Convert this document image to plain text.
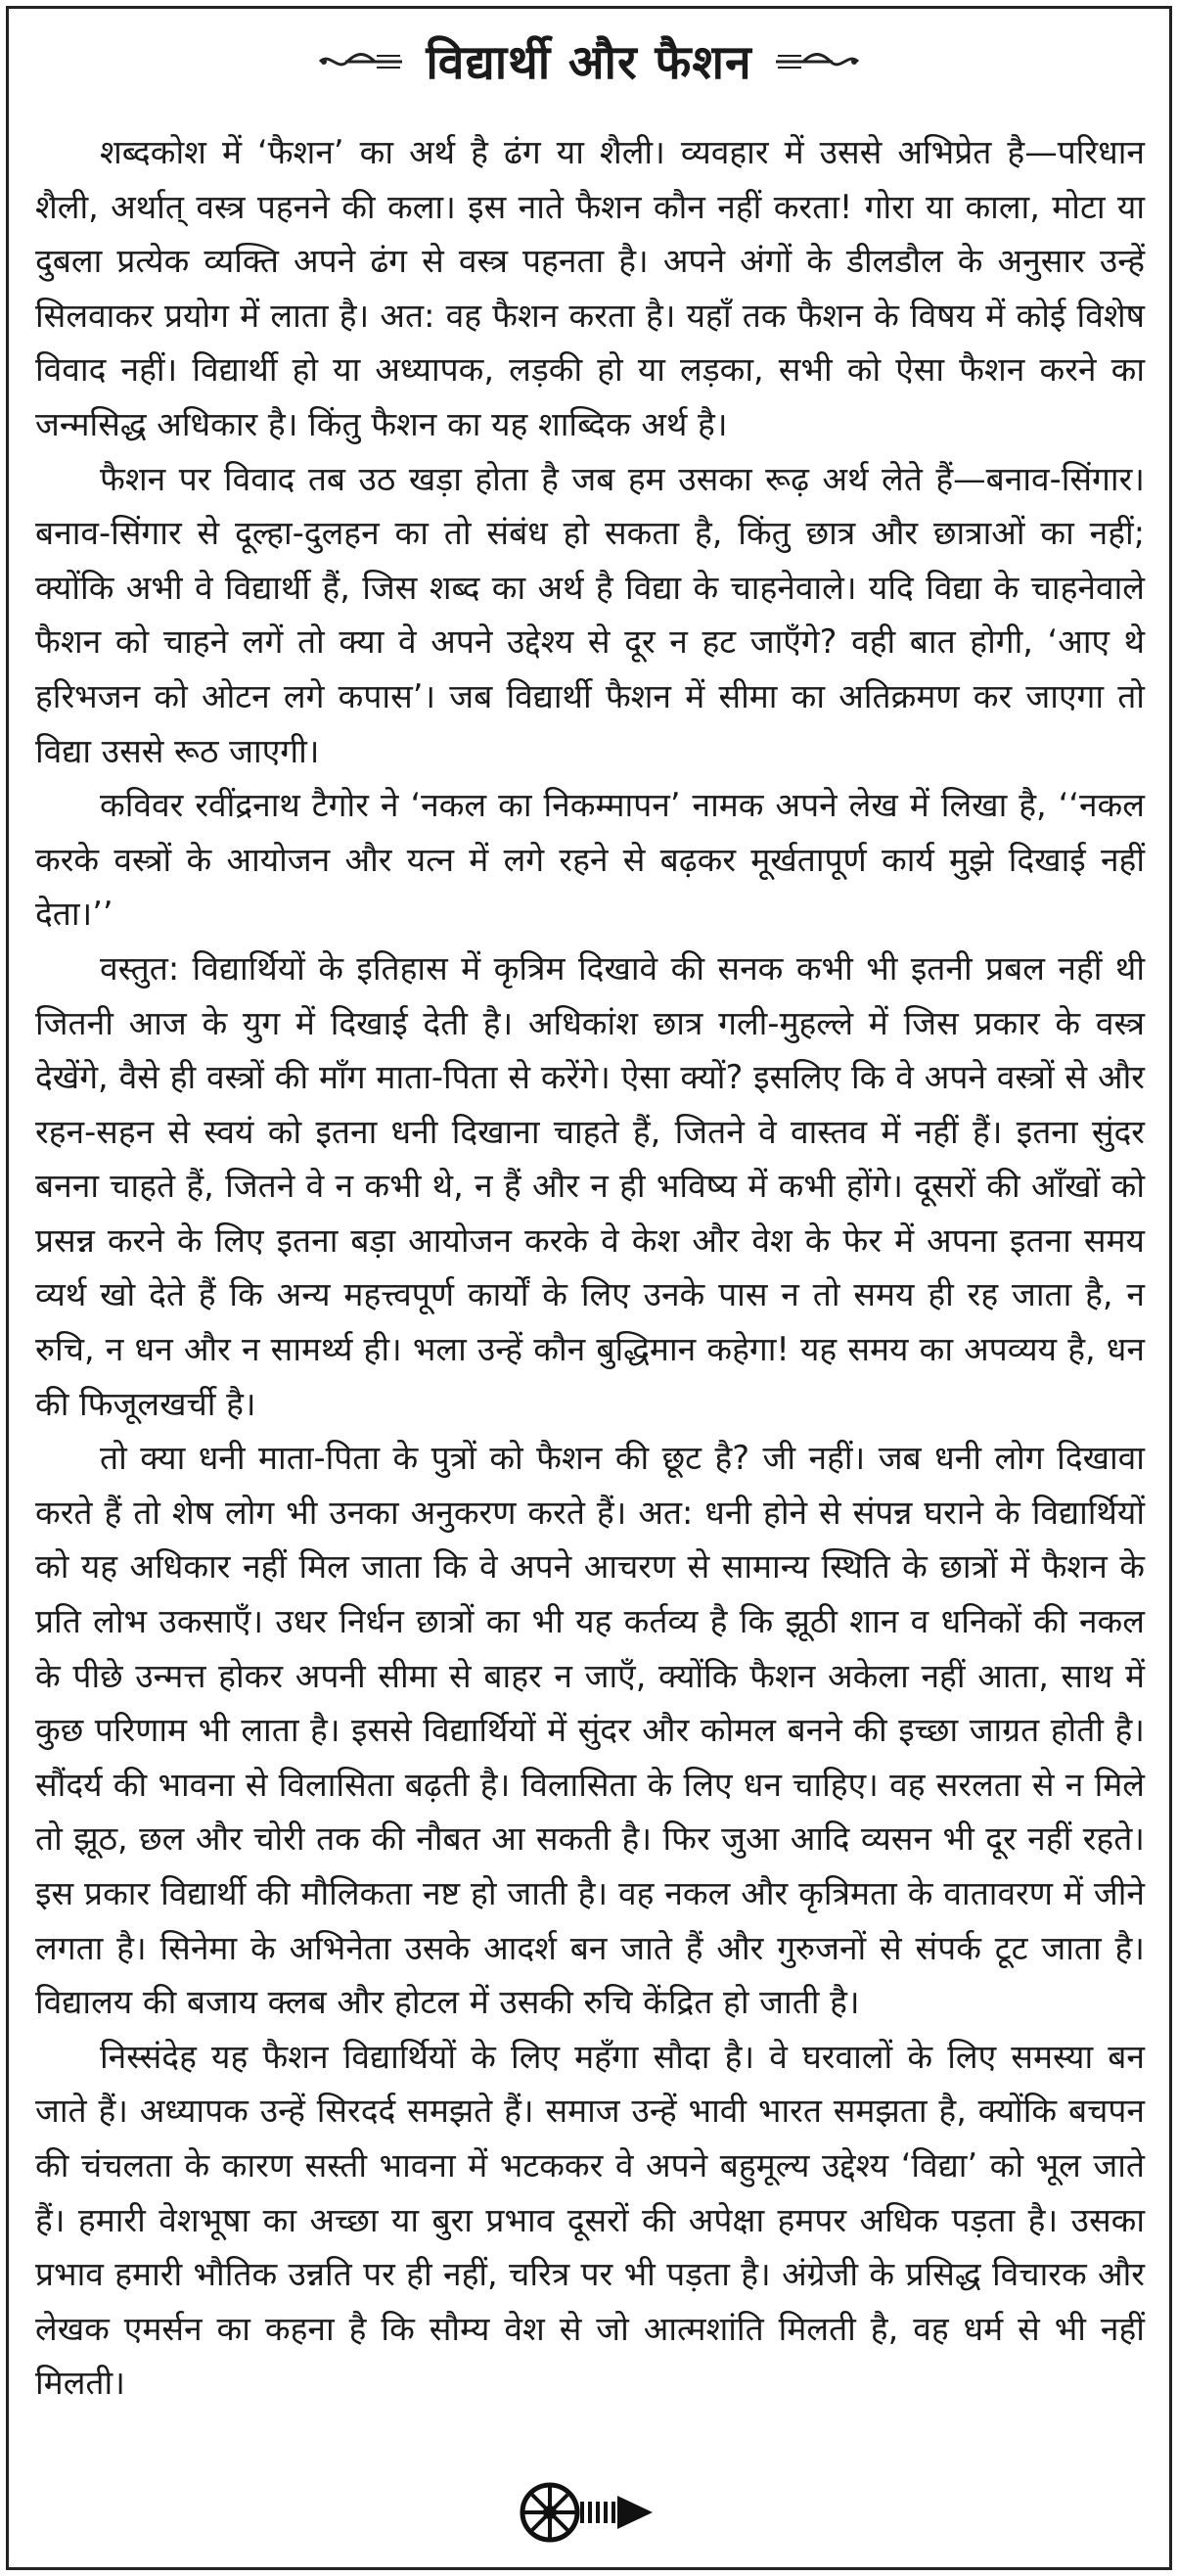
विद्यार्थी और फैशन

शब्दकोश में ‘फैशन’ का अर्थ है ढंग या शैली। व्यवहार में उससे अभिप्रेत है—परिधान शैली, अर्थात् वस्त्र पहनने की कला। इस नाते फैशन कौन नहीं करता! गोरा या काला, मोटा या दुबला प्रत्येक व्यक्ति अपने ढंग से वस्त्र पहनता है। अपने अंगों के डीलडौल के अनुसार उन्हें सिलवाकर प्रयोग में लाता है। अत: वह फैशन करता है। यहाँ तक फैशन के विषय में कोई विशेष विवाद नहीं। विद्यार्थी हो या अध्यापक, लड़की हो या लड़का, सभी को ऐसा फैशन करने का जन्मसिद्ध अधिकार है। किंतु फैशन का यह शाब्दिक अर्थ है।

फैशन पर विवाद तब उठ खड़ा होता है जब हम उसका रूढ़ अर्थ लेते हैं—बनाव-सिंगार। बनाव-सिंगार से दूल्हा-दुलहन का तो संबंध हो सकता है, किंतु छात्र और छात्राओं का नहीं; क्योंकि अभी वे विद्यार्थी हैं, जिस शब्द का अर्थ है विद्या के चाहनेवाले। यदि विद्या के चाहनेवाले फैशन को चाहने लगें तो क्या वे अपने उद्देश्य से दूर न हट जाएँगे? वही बात होगी, ‘आए थे हरिभजन को ओटन लगे कपास’। जब विद्यार्थी फैशन में सीमा का अतिक्रमण कर जाएगा तो विद्या उससे रूठ जाएगी।

कविवर रवींद्रनाथ टैगोर ने ‘नकल का निकम्मापन’ नामक अपने लेख में लिखा है, ‘‘नकल करके वस्त्रों के आयोजन और यत्न में लगे रहने से बढ़कर मूर्खतापूर्ण कार्य मुझे दिखाई नहीं देता।’’

वस्तुत: विद्यार्थियों के इतिहास में कृत्रिम दिखावे की सनक कभी भी इतनी प्रबल नहीं थी जितनी आज के युग में दिखाई देती है। अधिकांश छात्र गली-मुहल्ले में जिस प्रकार के वस्त्र देखेंगे, वैसे ही वस्त्रों की माँग माता-पिता से करेंगे। ऐसा क्यों? इसलिए कि वे अपने वस्त्रों से और रहन-सहन से स्वयं को इतना धनी दिखाना चाहते हैं, जितने वे वास्तव में नहीं हैं। इतना सुंदर बनना चाहते हैं, जितने वे न कभी थे, न हैं और न ही भविष्य में कभी होंगे। दूसरों की आँखों को प्रसन्न करने के लिए इतना बड़ा आयोजन करके वे केश और वेश के फेर में अपना इतना समय व्यर्थ खो देते हैं कि अन्य महत्त्वपूर्ण कार्यों के लिए उनके पास न तो समय ही रह जाता है, न रुचि, न धन और न सामर्थ्य ही। भला उन्हें कौन बुद्धिमान कहेगा! यह समय का अपव्यय है, धन की फिजूलखर्ची है।

तो क्या धनी माता-पिता के पुत्रों को फैशन की छूट है? जी नहीं। जब धनी लोग दिखावा करते हैं तो शेष लोग भी उनका अनुकरण करते हैं। अत: धनी होने से संपन्न घराने के विद्यार्थियों को यह अधिकार नहीं मिल जाता कि वे अपने आचरण से सामान्य स्थिति के छात्रों में फैशन के प्रति लोभ उकसाएँ। उधर निर्धन छात्रों का भी यह कर्तव्य है कि झूठी शान व धनिकों की नकल के पीछे उन्मत्त होकर अपनी सीमा से बाहर न जाएँ, क्योंकि फैशन अकेला नहीं आता, साथ में कुछ परिणाम भी लाता है। इससे विद्यार्थियों में सुंदर और कोमल बनने की इच्छा जाग्रत होती है। सौंदर्य की भावना से विलासिता बढ़ती है। विलासिता के लिए धन चाहिए। वह सरलता से न मिले तो झूठ, छल और चोरी तक की नौबत आ सकती है। फिर जुआ आदि व्यसन भी दूर नहीं रहते। इस प्रकार विद्यार्थी की मौलिकता नष्ट हो जाती है। वह नकल और कृत्रिमता के वातावरण में जीने लगता है। सिनेमा के अभिनेता उसके आदर्श बन जाते हैं और गुरुजनों से संपर्क टूट जाता है। विद्यालय की बजाय क्लब और होटल में उसकी रुचि केंद्रित हो जाती है।

निस्संदेह यह फैशन विद्यार्थियों के लिए महँगा सौदा है। वे घरवालों के लिए समस्या बन जाते हैं। अध्यापक उन्हें सिरदर्द समझते हैं। समाज उन्हें भावी भारत समझता है, क्योंकि बचपन की चंचलता के कारण सस्ती भावना में भटककर वे अपने बहुमूल्य उद्देश्य ‘विद्या’ को भूल जाते हैं। हमारी वेशभूषा का अच्छा या बुरा प्रभाव दूसरों की अपेक्षा हमपर अधिक पड़ता है। उसका प्रभाव हमारी भौतिक उन्नति पर ही नहीं, चरित्र पर भी पड़ता है। अंग्रेजी के प्रसिद्ध विचारक और लेखक एमर्सन का कहना है कि सौम्य वेश से जो आत्मशांति मिलती है, वह धर्म से भी नहीं मिलती।
